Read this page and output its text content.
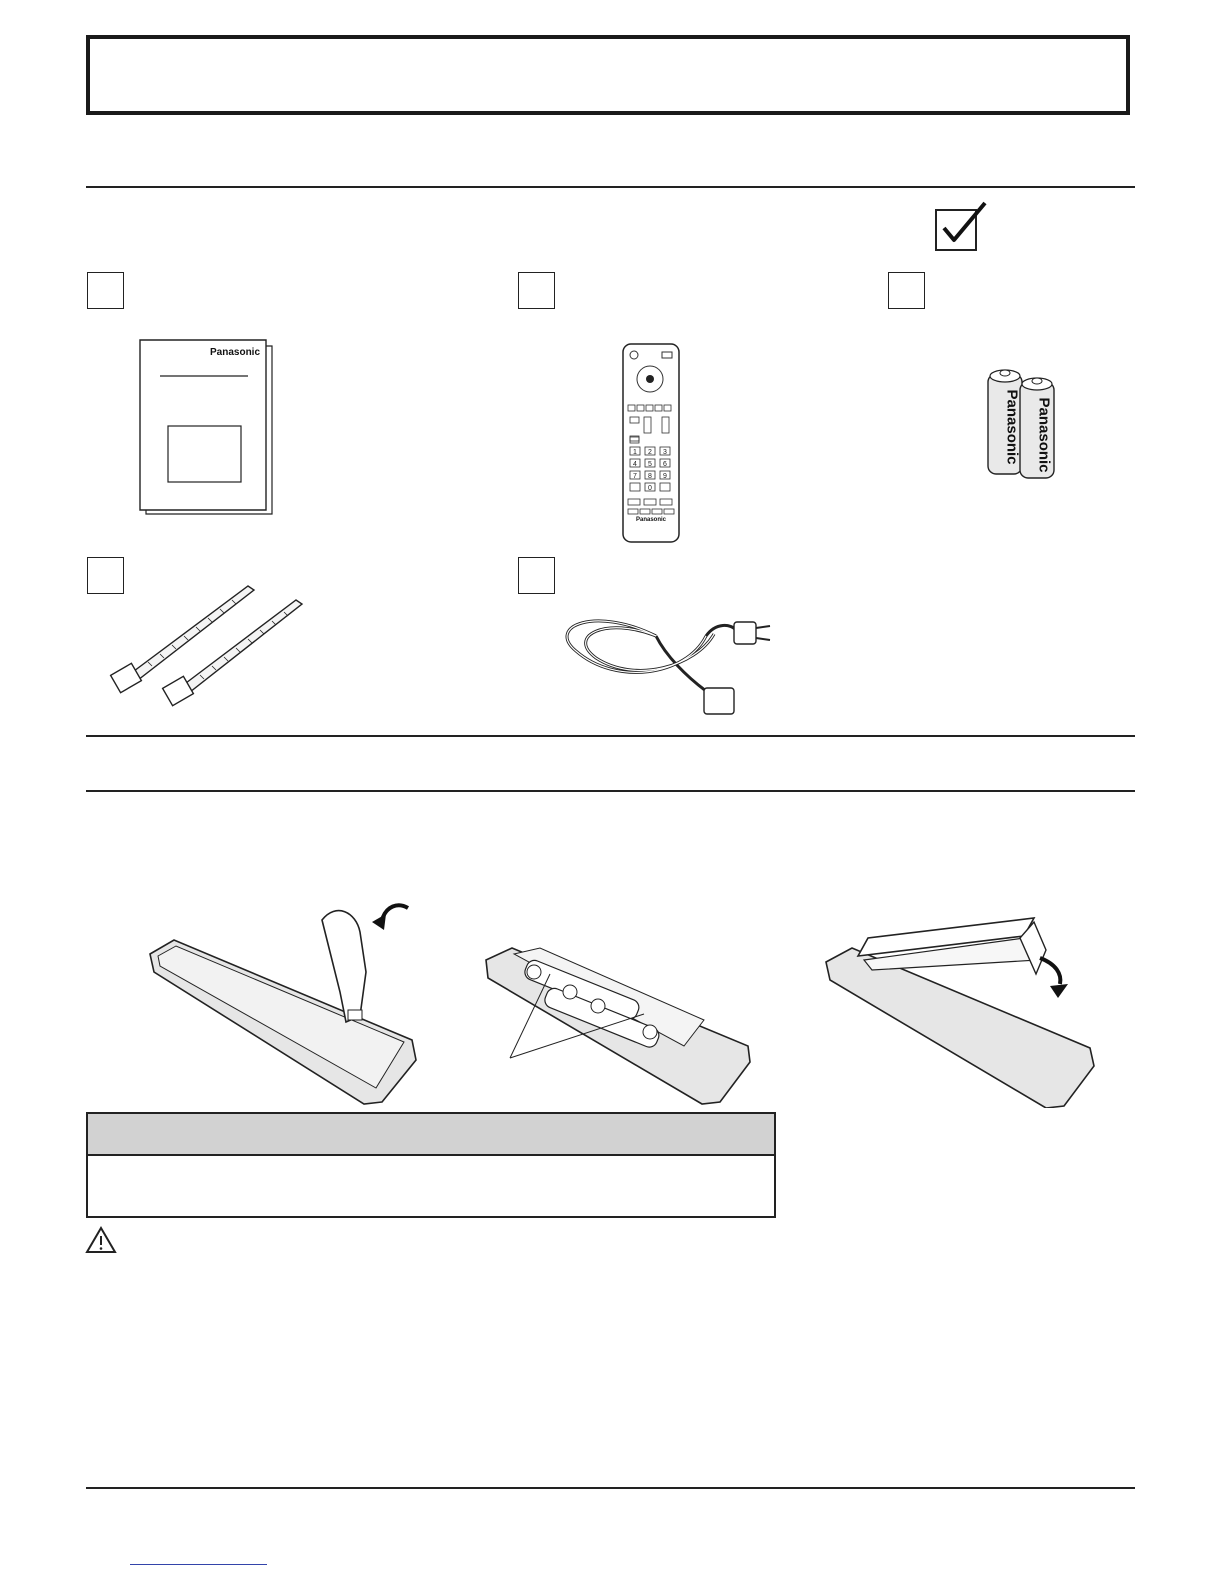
Panasonic
1 2 3
4 5 6
7 8 9
0
Panasonic
Panasonic Panasonic
